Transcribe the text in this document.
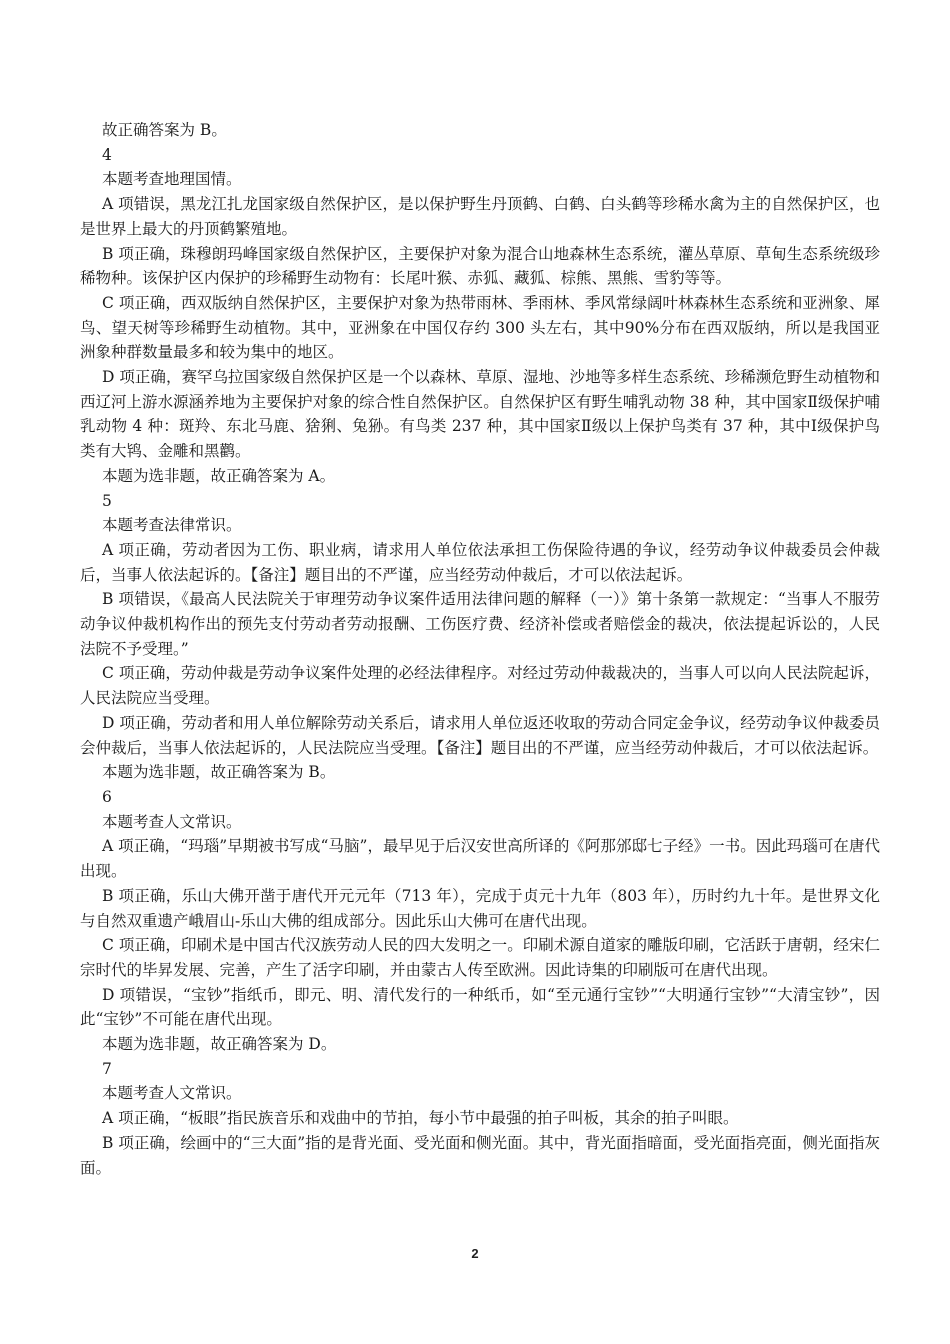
故正确答案为 B。
4
本题考查地理国情。
A 项错误，黑龙江扎龙国家级自然保护区，是以保护野生丹顶鹤、白鹤、白头鹤等珍稀水禽为主的自然保护区，也是世界上最大的丹顶鹤繁殖地。
B 项正确，珠穆朗玛峰国家级自然保护区，主要保护对象为混合山地森林生态系统，灌丛草原、草甸生态系统级珍稀物种。该保护区内保护的珍稀野生动物有：长尾叶猴、赤狐、藏狐、棕熊、黑熊、雪豹等等。
C 项正确，西双版纳自然保护区，主要保护对象为热带雨林、季雨林、季风常绿阔叶林森林生态系统和亚洲象、犀鸟、望天树等珍稀野生动植物。其中，亚洲象在中国仅存约 300 头左右，其中90%分布在西双版纳，所以是我国亚洲象种群数量最多和较为集中的地区。
D 项正确，赛罕乌拉国家级自然保护区是一个以森林、草原、湿地、沙地等多样生态系统、珍稀濒危野生动植物和西辽河上游水源涵养地为主要保护对象的综合性自然保护区。自然保护区有野生哺乳动物 38 种，其中国家Ⅱ级保护哺乳动物 4 种：斑羚、东北马鹿、猞猁、兔狲。有鸟类 237 种，其中国家Ⅱ级以上保护鸟类有 37 种，其中Ⅰ级保护鸟类有大鸨、金雕和黑鹳。
本题为选非题，故正确答案为 A。
5
本题考查法律常识。
A 项正确，劳动者因为工伤、职业病，请求用人单位依法承担工伤保险待遇的争议，经劳动争议仲裁委员会仲裁后，当事人依法起诉的。【备注】题目出的不严谨，应当经劳动仲裁后，才可以依法起诉。
B 项错误，《最高人民法院关于审理劳动争议案件适用法律问题的解释（一）》第十条第一款规定：“当事人不服劳动争议仲裁机构作出的预先支付劳动者劳动报酬、工伤医疗费、经济补偿或者赔偿金的裁决，依法提起诉讼的，人民法院不予受理。”
C 项正确，劳动仲裁是劳动争议案件处理的必经法律程序。对经过劳动仲裁裁决的，当事人可以向人民法院起诉，人民法院应当受理。
D 项正确，劳动者和用人单位解除劳动关系后，请求用人单位返还收取的劳动合同定金争议，经劳动争议仲裁委员会仲裁后，当事人依法起诉的，人民法院应当受理。【备注】题目出的不严谨，应当经劳动仲裁后，才可以依法起诉。
本题为选非题，故正确答案为 B。
6
本题考查人文常识。
A 项正确，“玛瑙”早期被书写成“马脑”，最早见于后汉安世高所译的《阿那邠邸七子经》一书。因此玛瑙可在唐代出现。
B 项正确，乐山大佛开凿于唐代开元元年（713 年），完成于贞元十九年（803 年），历时约九十年。是世界文化与自然双重遗产峨眉山-乐山大佛的组成部分。因此乐山大佛可在唐代出现。
C 项正确，印刷术是中国古代汉族劳动人民的四大发明之一。印刷术源自道家的雕版印刷，它活跃于唐朝，经宋仁宗时代的毕昇发展、完善，产生了活字印刷，并由蒙古人传至欧洲。因此诗集的印刷版可在唐代出现。
D 项错误，“宝钞”指纸币，即元、明、清代发行的一种纸币，如“至元通行宝钞”“大明通行宝钞”“大清宝钞”，因此“宝钞”不可能在唐代出现。
本题为选非题，故正确答案为 D。
7
本题考查人文常识。
A 项正确，“板眼”指民族音乐和戏曲中的节拍，每小节中最强的拍子叫板，其余的拍子叫眼。
B 项正确，绘画中的“三大面”指的是背光面、受光面和侧光面。其中，背光面指暗面，受光面指亮面，侧光面指灰面。
2
